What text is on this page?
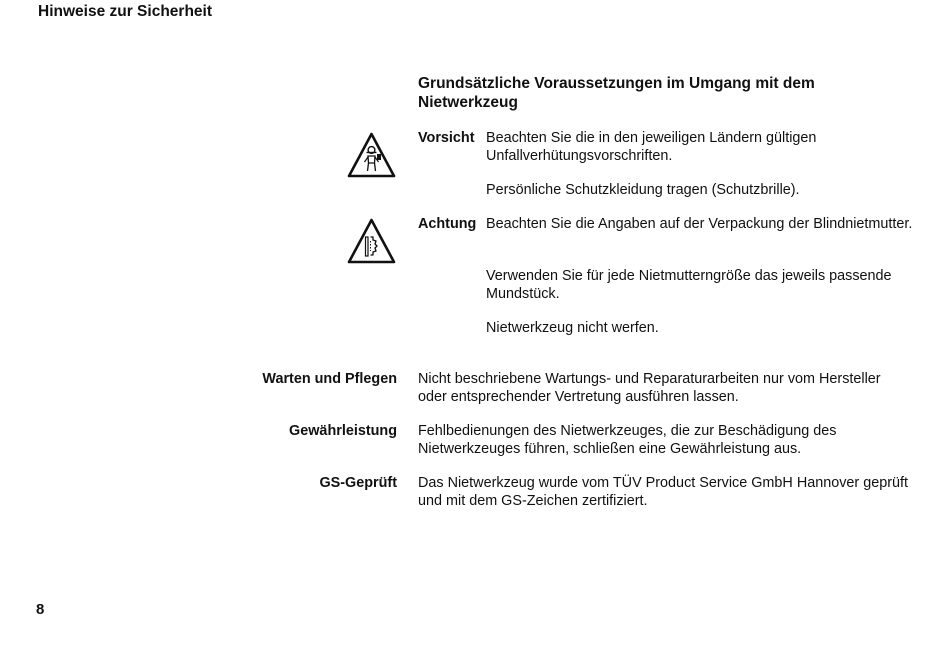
Hinweise zur Sicherheit
Grundsätzliche Voraussetzungen im Umgang mit dem Nietwerkzeug
Vorsicht Beachten Sie die in den jeweiligen Ländern gültigen Unfallverhütungsvorschriften.
Persönliche Schutzkleidung tragen (Schutzbrille).
Achtung Beachten Sie die Angaben auf der Verpackung der Blindnietmutter.
Verwenden Sie für jede Nietmutterngröße das jeweils passende Mundstück.
Nietwerkzeug nicht werfen.
Warten und Pflegen Nicht beschriebene Wartungs- und Reparaturarbeiten nur vom Hersteller oder entsprechender Vertretung ausführen lassen.
Gewährleistung Fehlbedienungen des Nietwerkzeuges, die zur Beschädigung des Nietwerkzeuges führen, schließen eine Gewährleistung aus.
GS-Geprüft Das Nietwerkzeug wurde vom TÜV Product Service GmbH Hannover geprüft und mit dem GS-Zeichen zertifiziert.
8
